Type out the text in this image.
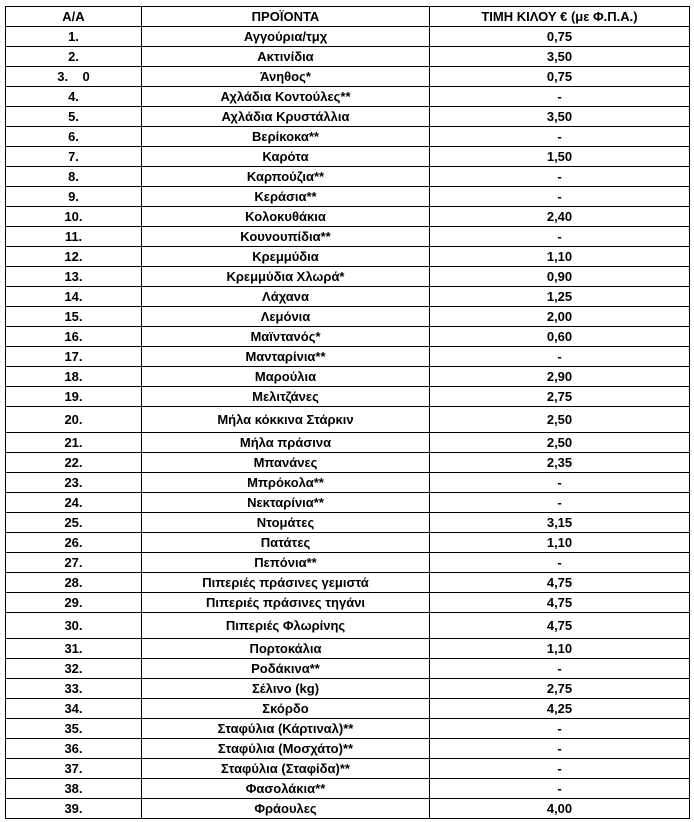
Α/Α	ΠΡΟΪΟΝΤΑ	ΤΙΜΗ ΚΙΛΟΥ € (με Φ.Π.Α.)
1.	Αγγούρια/τμχ	0,75
2.	Ακτινίδια	3,50
3.    0	Άνηθος*	0,75
4.	Αχλάδια Κοντούλες**	-
5.	Αχλάδια Κρυστάλλια	3,50
6.	Βερίκοκα**	-
7.	Καρότα	1,50
8.	Καρπούζια**	-
9.	Κεράσια**	-
10.	Κολοκυθάκια	2,40
11.	Κουνουπίδια**	-
12.	Κρεμμύδια	1,10
13.	Κρεμμύδια Χλωρά*	0,90
14.	Λάχανα	1,25
15.	Λεμόνια	2,00
16.	Μαϊντανός*	0,60
17.	Μανταρίνια**	-
18.	Μαρούλια	2,90
19.	Μελιτζάνες	2,75
20.	Μήλα κόκκινα Στάρκιν	2,50
21.	Μήλα πράσινα	2,50
22.	Μπανάνες	2,35
23.	Μπρόκολα**	-
24.	Νεκταρίνια**	-
25.	Ντομάτες	3,15
26.	Πατάτες	1,10
27.	Πεπόνια**	-
28.	Πιπεριές πράσινες γεμιστά	4,75
29.	Πιπεριές πράσινες τηγάνι	4,75
30.	Πιπεριές Φλωρίνης	4,75
31.	Πορτοκάλια	1,10
32.	Ροδάκινα**	-
33.	Σέλινο (kg)	2,75
34.	Σκόρδο	4,25
35.	Σταφύλια (Κάρτιναλ)**	-
36.	Σταφύλια (Μοσχάτο)**	-
37.	Σταφύλια (Σταφίδα)**	-
38.	Φασολάκια**	-
39.	Φράουλες	4,00
